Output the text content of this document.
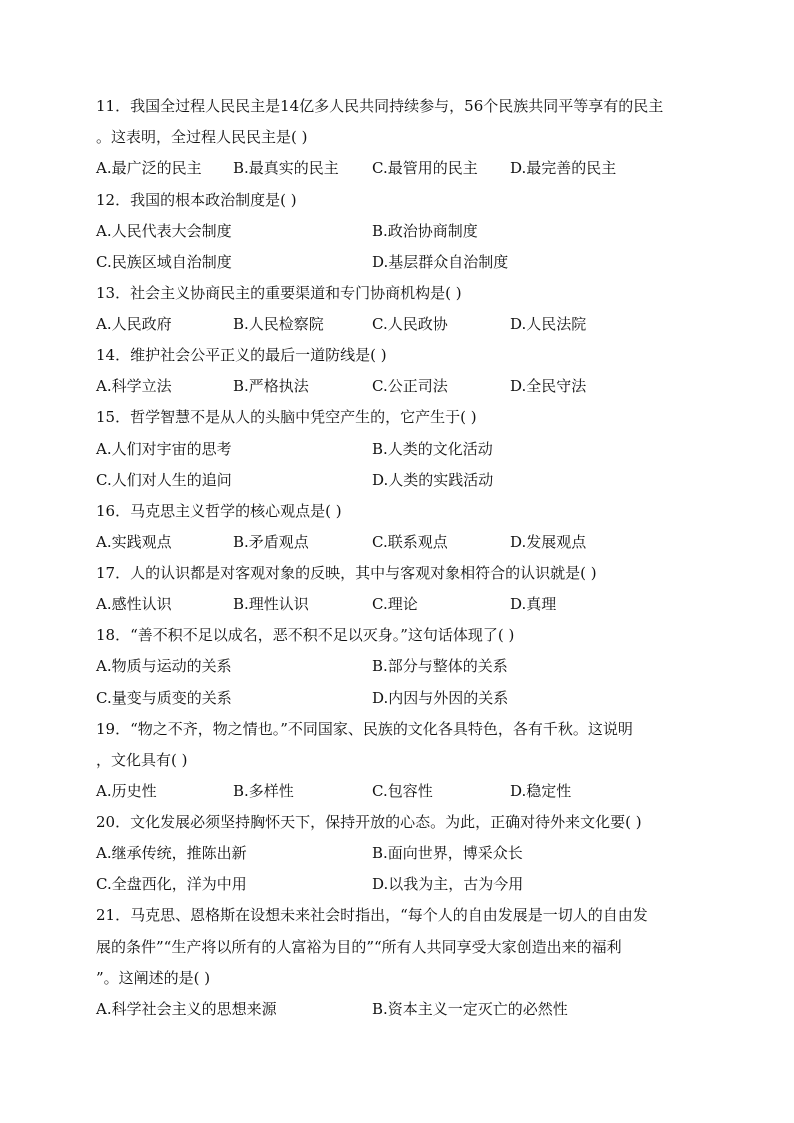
11．我国全过程人民民主是14亿多人民共同持续参与，56个民族共同平等享有的民主
。这表明，全过程人民民主是( )
A.最广泛的民主 B.最真实的民主 C.最管用的民主 D.最完善的民主
12．我国的根本政治制度是( )
A.人民代表大会制度	B.政治协商制度
C.民族区域自治制度	D.基层群众自治制度
13．社会主义协商民主的重要渠道和专门协商机构是( )
A.人民政府	B.人民检察院	C.人民政协	D.人民法院
14．维护社会公平正义的最后一道防线是( )
A.科学立法	B.严格执法	C.公正司法	D.全民守法
15．哲学智慧不是从人的头脑中凭空产生的，它产生于( )
A.人们对宇宙的思考	B.人类的文化活动
C.人们对人生的追问	D.人类的实践活动
16．马克思主义哲学的核心观点是( )
A.实践观点	B.矛盾观点	C.联系观点	D.发展观点
17．人的认识都是对客观对象的反映，其中与客观对象相符合的认识就是( )
A.感性认识	B.理性认识	C.理论	D.真理
18．“善不积不足以成名，恶不积不足以灭身。”这句话体现了( )
A.物质与运动的关系	B.部分与整体的关系
C.量变与质变的关系	D.内因与外因的关系
19．“物之不齐，物之情也。”不同国家、民族的文化各具特色，各有千秋。这说明
，文化具有( )
A.历史性	B.多样性	C.包容性	D.稳定性
20．文化发展必须坚持胸怀天下，保持开放的心态。为此，正确对待外来文化要( )
A.继承传统，推陈出新	B.面向世界，博采众长
C.全盘西化，洋为中用	D.以我为主，古为今用
21．马克思、恩格斯在设想未来社会时指出，“每个人的自由发展是一切人的自由发
展的条件”“生产将以所有的人富裕为目的”“所有人共同享受大家创造出来的福利
”。这阐述的是( )
A.科学社会主义的思想来源	B.资本主义一定灭亡的必然性
